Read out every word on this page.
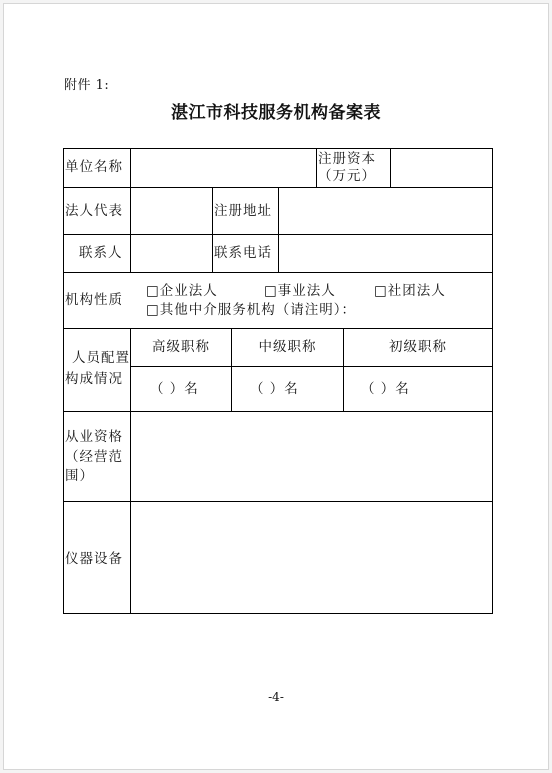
附件 1:
湛江市科技服务机构备案表
单位名称	注册资本
（万元）
法人代表	注册地址
联系人	联系电话
机构性质
□企业法人	□事业法人	□社团法人
□其他中介服务机构（请注明）：
人员配置
构成情况
高级职称	中级职称	初级职称
（ ）名	（ ）名	（ ）名
从业资格
（经营范
围）
仪器设备
-4-
